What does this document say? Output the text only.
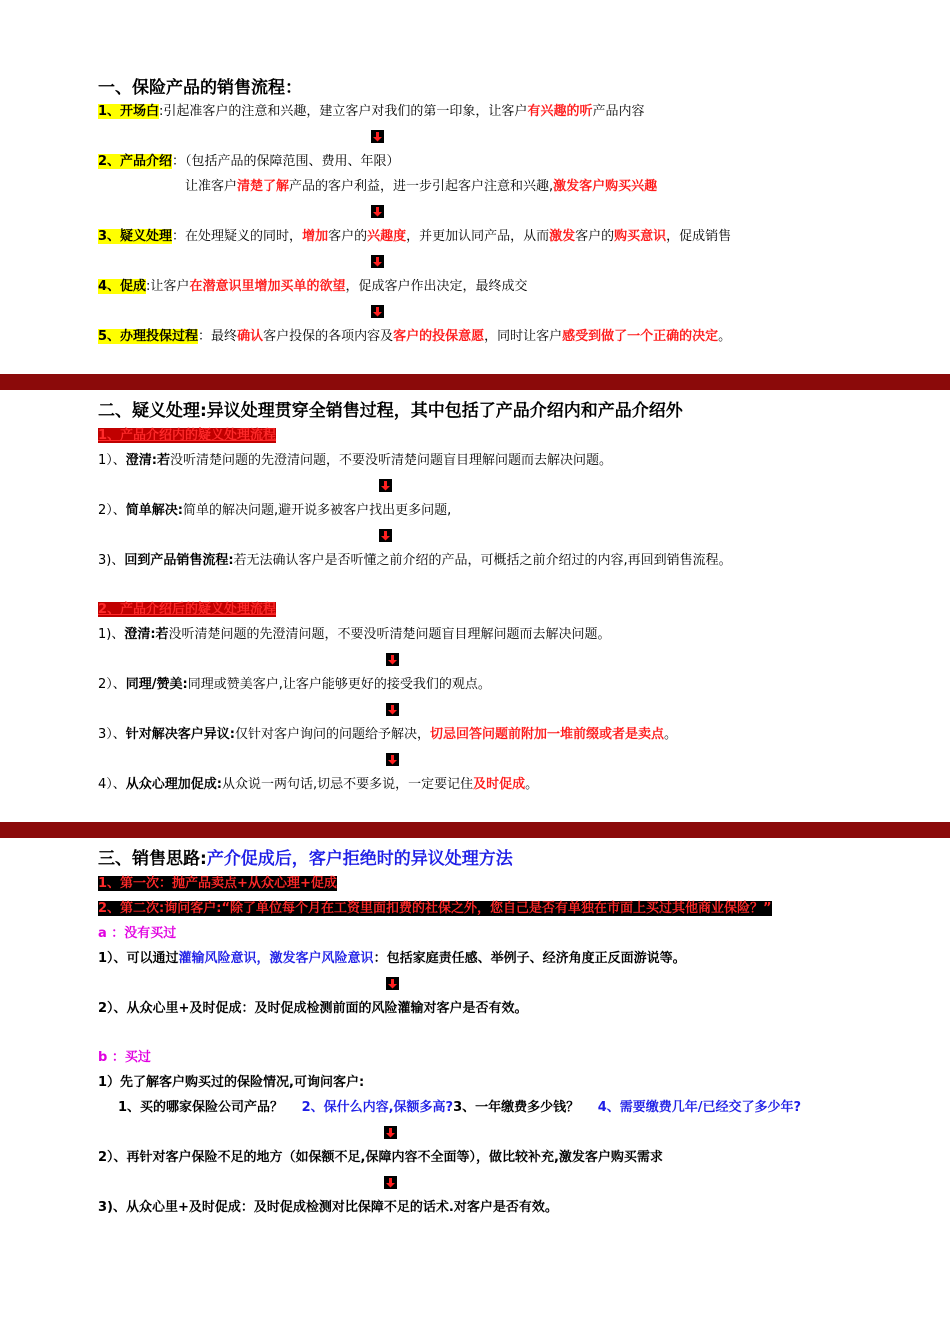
一、保险产品的销售流程：
1、开场白:引起准客户的注意和兴趣，建立客户对我们的第一印象，让客户有兴趣的听产品内容
2、产品介绍：（包括产品的保障范围、费用、年限）
让准客户清楚了解产品的客户利益，进一步引起客户注意和兴趣,激发客户购买兴趣
3、疑义处理：在处理疑义的同时，增加客户的兴趣度，并更加认同产品，从而激发客户的购买意识，促成销售
4、促成:让客户在潜意识里增加买单的欲望，促成客户作出决定，最终成交
5、办理投保过程：最终确认客户投保的各项内容及客户的投保意愿，同时让客户感受到做了一个正确的决定。
二、疑义处理:异议处理贯穿全销售过程，其中包括了产品介绍内和产品介绍外
1、产品介绍内的疑义处理流程
1）、澄清:若没听清楚问题的先澄清问题，不要没听清楚问题盲目理解问题而去解决问题。
2）、简单解决:简单的解决问题,避开说多被客户找出更多问题,
3)、回到产品销售流程:若无法确认客户是否听懂之前介绍的产品，可概括之前介绍过的内容,再回到销售流程。
2、产品介绍后的疑义处理流程
1)、澄清:若没听清楚问题的先澄清问题，不要没听清楚问题盲目理解问题而去解决问题。
2）、同理/赞美:同理或赞美客户,让客户能够更好的接受我们的观点。
3）、针对解决客户异议:仅针对客户询问的问题给予解决，切忌回答问题前附加一堆前缀或者是卖点。
4）、从众心理加促成:从众说一两句话,切忌不要多说，一定要记住及时促成。
三、销售思路:产介促成后，客户拒绝时的异议处理方法
1、第一次：抛产品卖点+从众心理+促成
2、第二次:询问客户:“除了单位每个月在工资里面扣费的社保之外，您自己是否有单独在市面上买过其他商业保险？”
a ：没有买过
1）、可以通过灌输风险意识，激发客户风险意识：包括家庭责任感、举例子、经济角度正反面游说等。
2）、从众心里+及时促成：及时促成检测前面的风险灌输对客户是否有效。
b ：买过
1）先了解客户购买过的保险情况,可询问客户:
1、买的哪家保险公司产品？ 2、保什么内容,保额多高?3、一年缴费多少钱？ 4、需要缴费几年/已经交了多少年?
2）、再针对客户保险不足的地方（如保额不足,保障内容不全面等），做比较补充,激发客户购买需求
3)、从众心里+及时促成：及时促成检测对比保障不足的话术.对客户是否有效。
